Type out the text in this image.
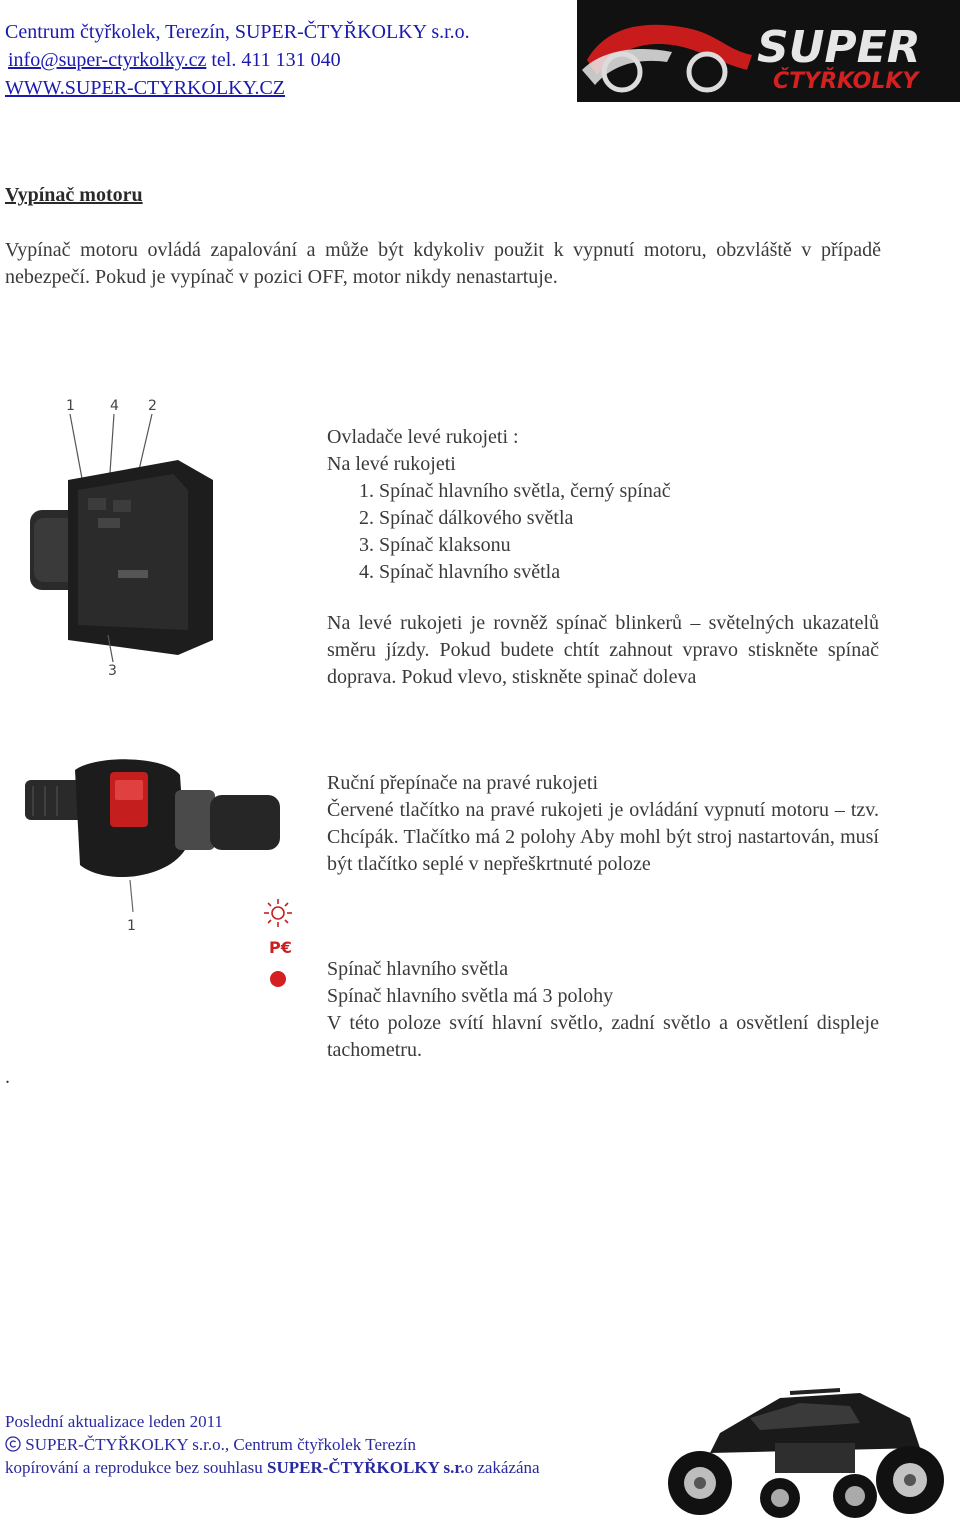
Centrum čtyřkolek, Terezín, SUPER-ČTYŘKOLKY s.r.o.
info@super-ctyrkolky.cz tel. 411 131 040
WWW.SUPER-CTYRKOLKY.CZ
SUPER
ČTYŘKOLKY
Vypínač motoru
Vypínač motoru ovládá zapalování a může být kdykoliv použit k vypnutí motoru, obzvláště v případě nebezpečí. Pokud je vypínač v pozici OFF, motor nikdy nenastartuje.
1	4 2
3
Ovladače levé rukojeti :
Na levé rukojeti
1. Spínač hlavního světla, černý spínač
2. Spínač dálkového světla
3. Spínač klaksonu
4. Spínač hlavního světla
Na levé rukojeti je rovněž spínač blinkerů – světelných ukazatelů směru jízdy. Pokud budete chtít zahnout vpravo stiskněte spínač doprava. Pokud vlevo, stiskněte spinač doleva
1
Ruční přepínače na pravé rukojeti
Červené tlačítko na pravé rukojeti je ovládání vypnutí motoru – tzv. Chcípák. Tlačítko má 2 polohy Aby mohl být stroj nastartován, musí být tlačítko seplé v nepřeškrtnuté poloze
P€
Spínač hlavního světla
Spínač hlavního světla má 3 polohy
V této poloze svítí hlavní světlo, zadní světlo a osvětlení displeje tachometru.
.
Poslední aktualizace leden 2011
SUPER-ČTYŘKOLKY s.r.o., Centrum čtyřkolek Terezín
kopírování a reprodukce bez souhlasu SUPER-ČTYŘKOLKY s.r.o zakázána
